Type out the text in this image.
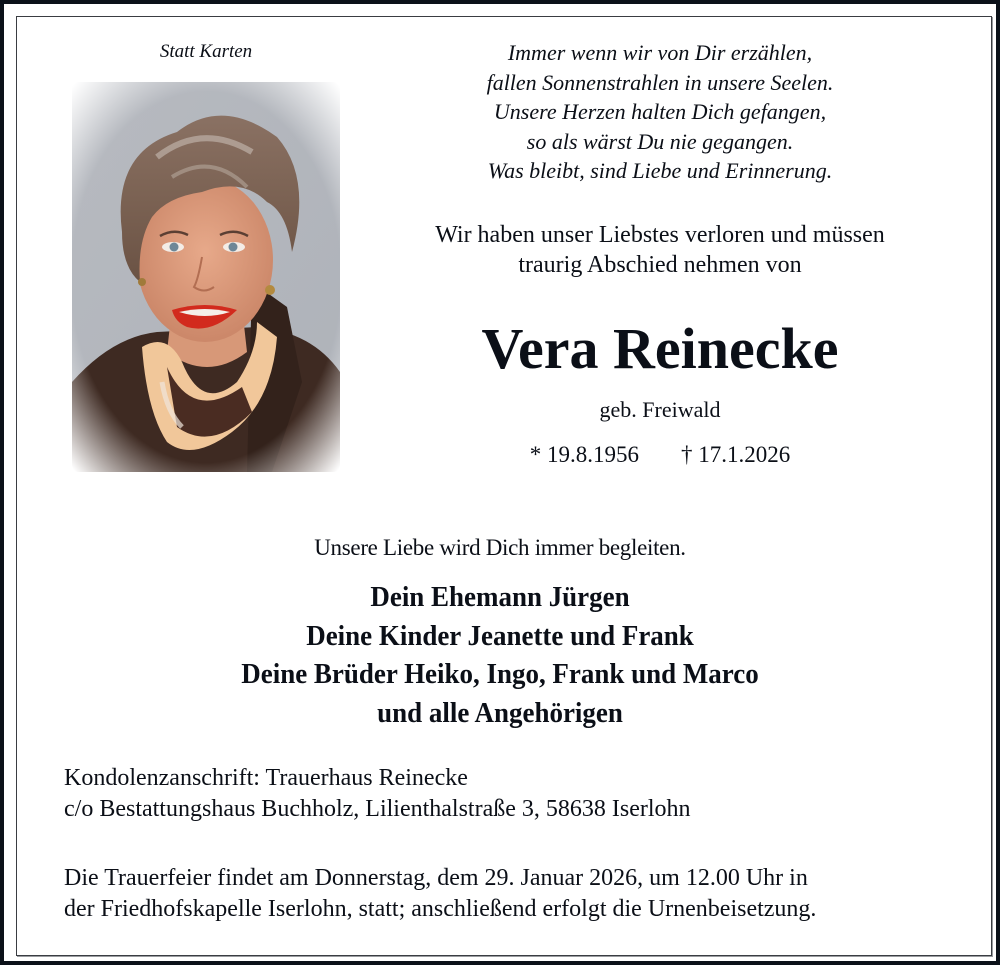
Statt Karten	Immer wenn wir von Dir erzählen,
fallen Sonnenstrahlen in unsere Seelen.
Unsere Herzen halten Dich gefangen,
so als wärst Du nie gegangen.
Was bleibt, sind Liebe und Erinnerung.
Wir haben unser Liebstes verloren und müssen
traurig Abschied nehmen von
Vera Reinecke
geb. Freiwald
* 19.8.1956 † 17.1.2026
Unsere Liebe wird Dich immer begleiten.
Dein Ehemann Jürgen
Deine Kinder Jeanette und Frank
Deine Brüder Heiko, Ingo, Frank und Marco
und alle Angehörigen
Kondolenzanschrift: Trauerhaus Reinecke
c/o Bestattungshaus Buchholz, Lilienthalstraße 3, 58638 Iserlohn
Die Trauerfeier findet am Donnerstag, dem 29. Januar 2026, um 12.00 Uhr in
der Friedhofskapelle Iserlohn, statt; anschließend erfolgt die Urnenbeisetzung.
